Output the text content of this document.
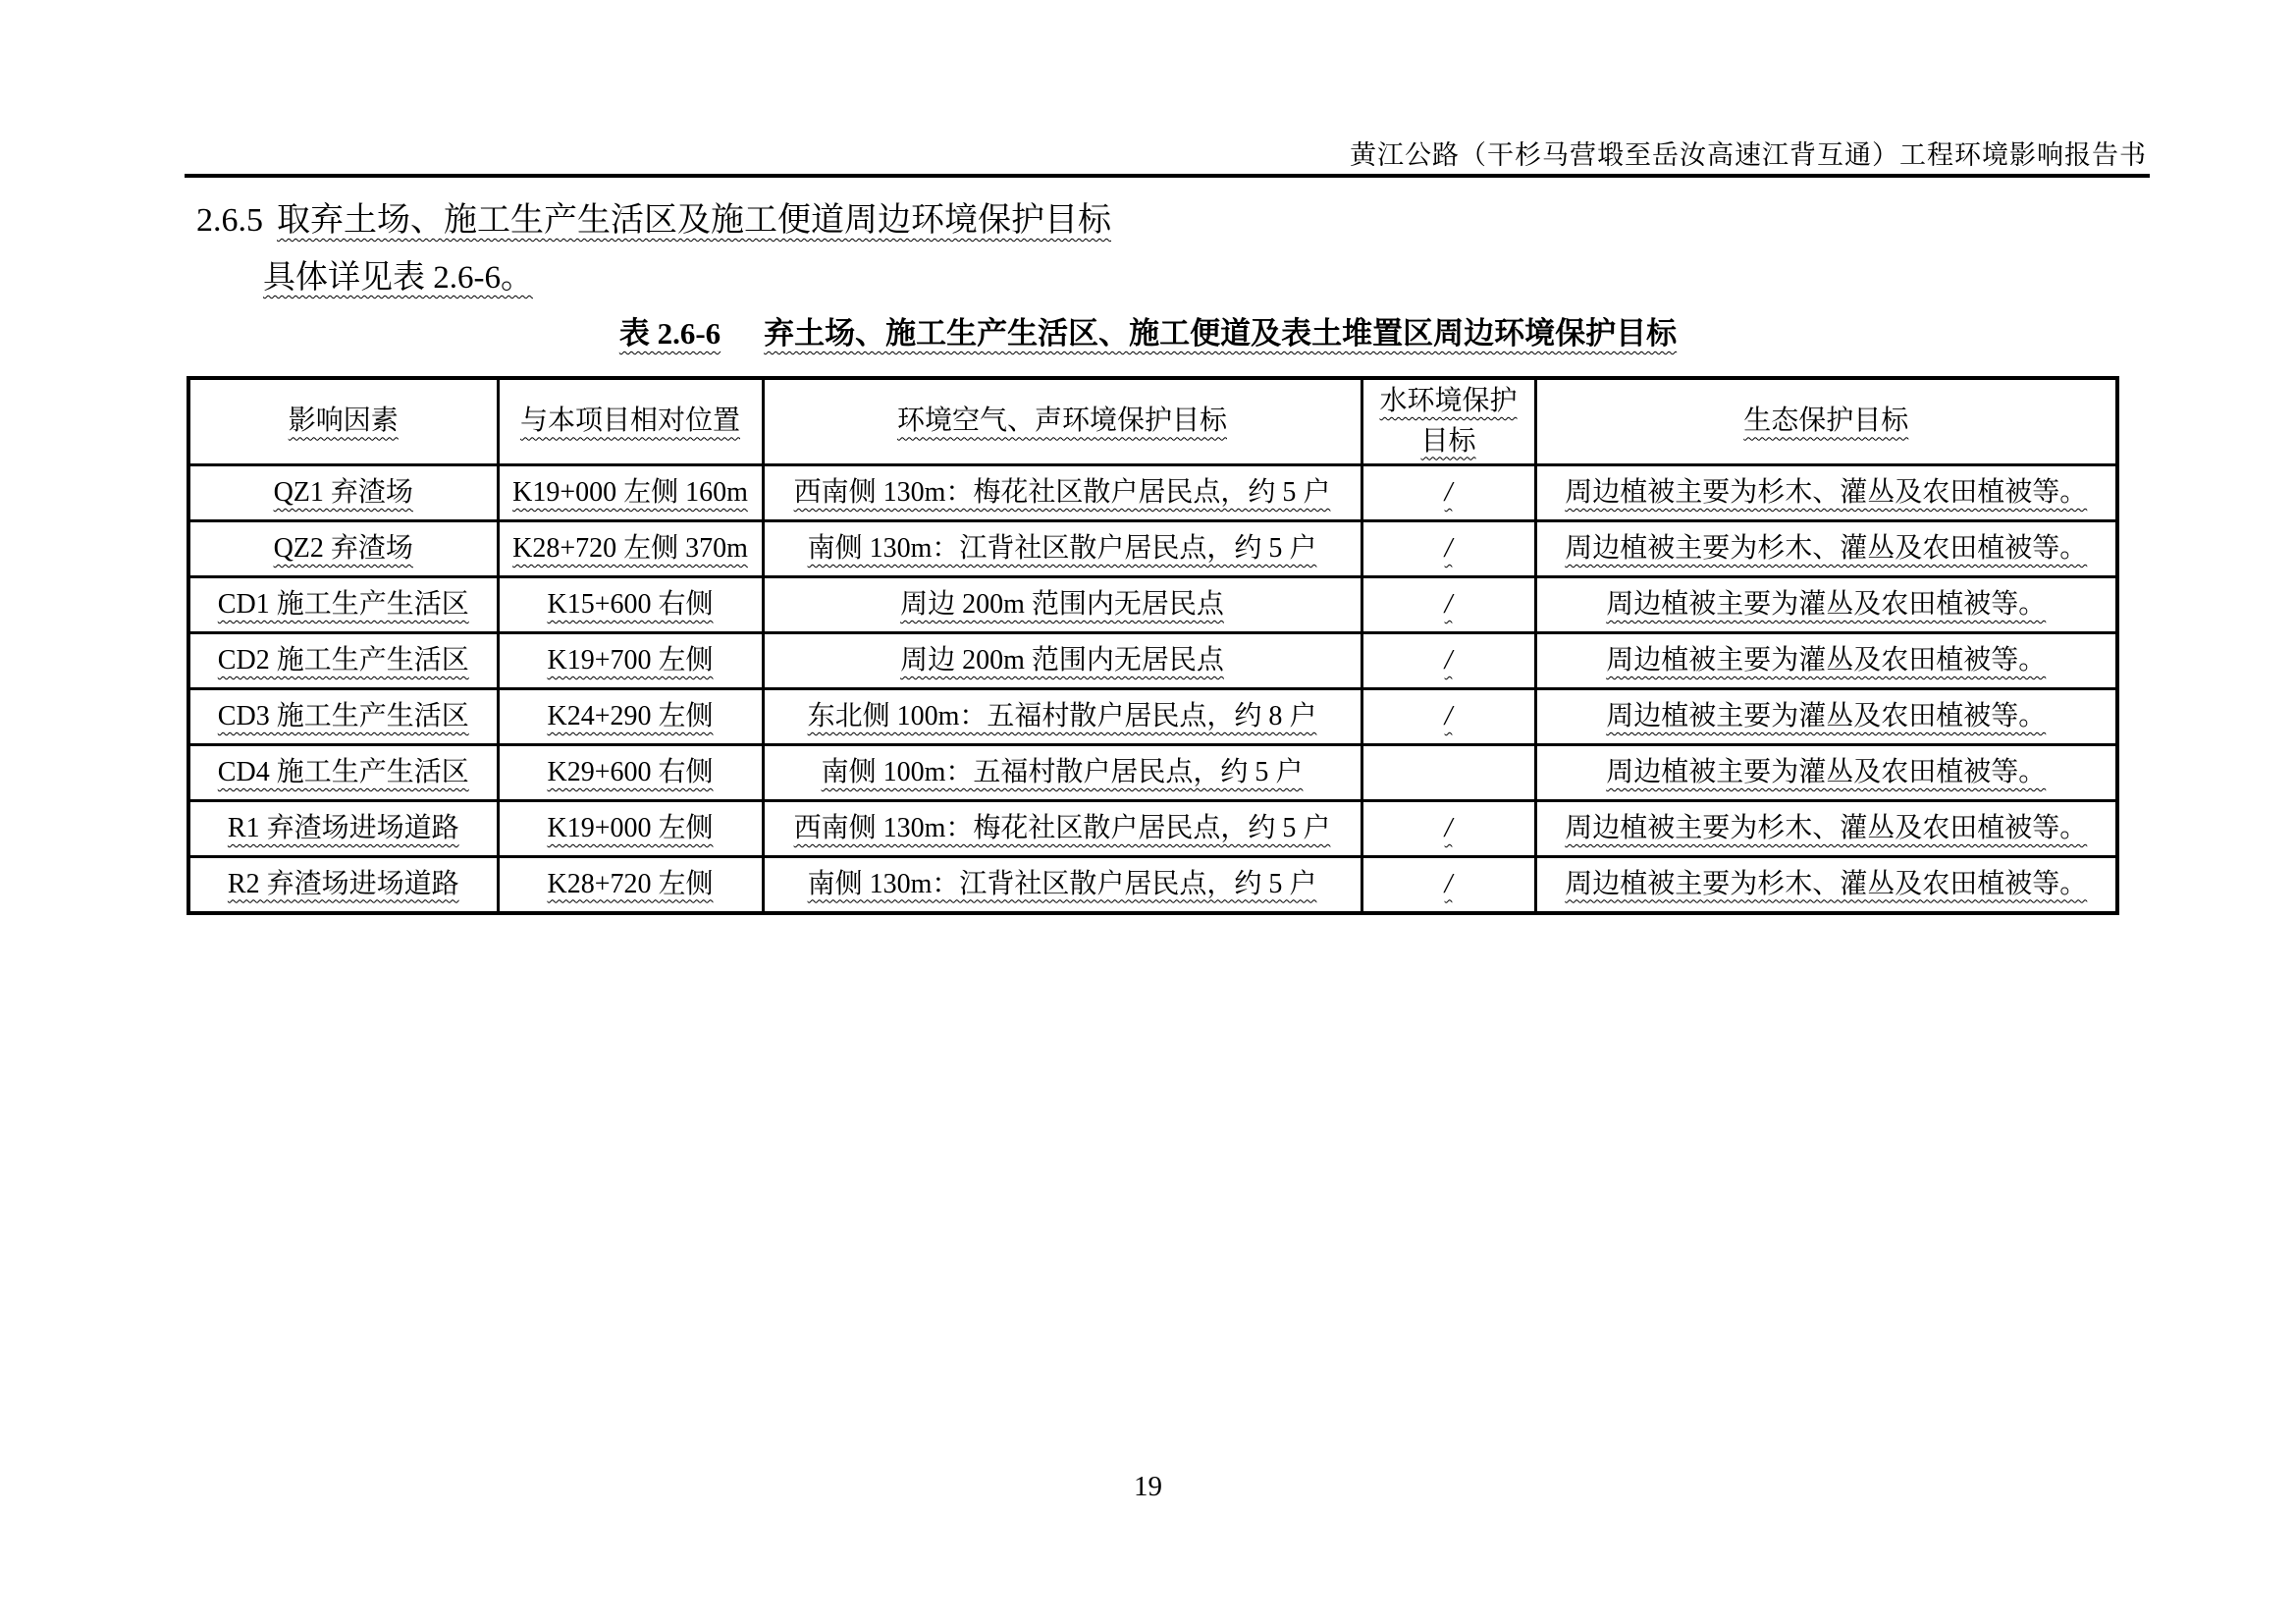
黄江公路（干杉马营塅至岳汝高速江背互通）工程环境影响报告书
2.6.5 取弃土场、施工生产生活区及施工便道周边环境保护目标
具体详见表 2.6-6。
表 2.6-6 弃土场、施工生产生活区、施工便道及表土堆置区周边环境保护目标
影响因素	与本项目相对位置	环境空气、声环境保护目标	水环境保护目标	生态保护目标
QZ1 弃渣场	K19+000 左侧 160m	西南侧 130m：梅花社区散户居民点，约 5 户	/	周边植被主要为杉木、灌丛及农田植被等。
QZ2 弃渣场	K28+720 左侧 370m	南侧 130m：江背社区散户居民点，约 5 户	/	周边植被主要为杉木、灌丛及农田植被等。
CD1 施工生产生活区	K15+600 右侧	周边 200m 范围内无居民点	/	周边植被主要为灌丛及农田植被等。
CD2 施工生产生活区	K19+700 左侧	周边 200m 范围内无居民点	/	周边植被主要为灌丛及农田植被等。
CD3 施工生产生活区	K24+290 左侧	东北侧 100m：五福村散户居民点，约 8 户	/	周边植被主要为灌丛及农田植被等。
CD4 施工生产生活区	K29+600 右侧	南侧 100m：五福村散户居民点，约 5 户		周边植被主要为灌丛及农田植被等。
R1 弃渣场进场道路	K19+000 左侧	西南侧 130m：梅花社区散户居民点，约 5 户	/	周边植被主要为杉木、灌丛及农田植被等。
R2 弃渣场进场道路	K28+720 左侧	南侧 130m：江背社区散户居民点，约 5 户	/	周边植被主要为杉木、灌丛及农田植被等。
19
